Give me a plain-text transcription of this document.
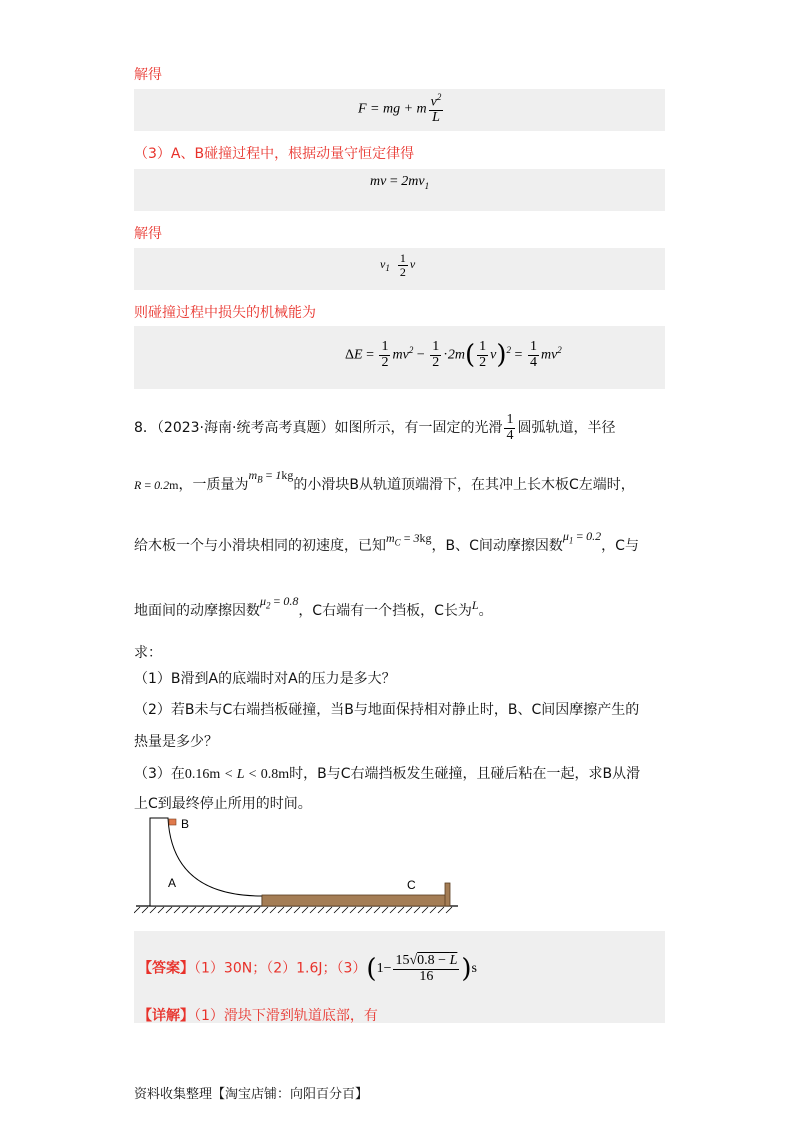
解得
F = mg + m $\frac{v^2}{L}$
（3）A、B碰撞过程中，根据动量守恒定律得
mv = $2mv_1$
解得
$v_1 \frac{1}{2}$ v
则碰撞过程中损失的机械能为
$\Delta E = \frac{1}{2} mv^2 - \frac{1}{2} \cdot 2m( \frac{1}{2} v)^2 = \frac{1}{4} mv^2$
8．（2023·海南·统考高考真题）如图所示，有一固定的光滑 $\frac{1}{4}$ 圆弧轨道，半径
R = 0.2m，一质量为$m_B = 1kg$的小滑块B从轨道顶端滑下，在其冲上长木板C左端时，
给木板一个与小滑块相同的初速度，已知$m_C = 3kg$，B、C间动摩擦因数$\mu_1 = 0.2$，C与
地面间的动摩擦因数$\mu_2 = 0.8$，C右端有一个挡板，C长为L。
求：
（1）B滑到A的底端时对A的压力是多大？
（2）若B未与C右端挡板碰撞，当B与地面保持相对静止时，B、C间因摩擦产生的
热量是多少？
（3）在0.16m < L < 0.8m时，B与C右端挡板发生碰撞，且碰后粘在一起，求B从滑
上C到最终停止所用的时间。
B
A	C
【答案】（1）30N；（2）1.6J；$(3)(1- \frac{15√0.8 - L}{16} )s$
【详解】（1）滑块下滑到轨道底部，有
资料收集整理【淘宝店铺：向阳百分百】
